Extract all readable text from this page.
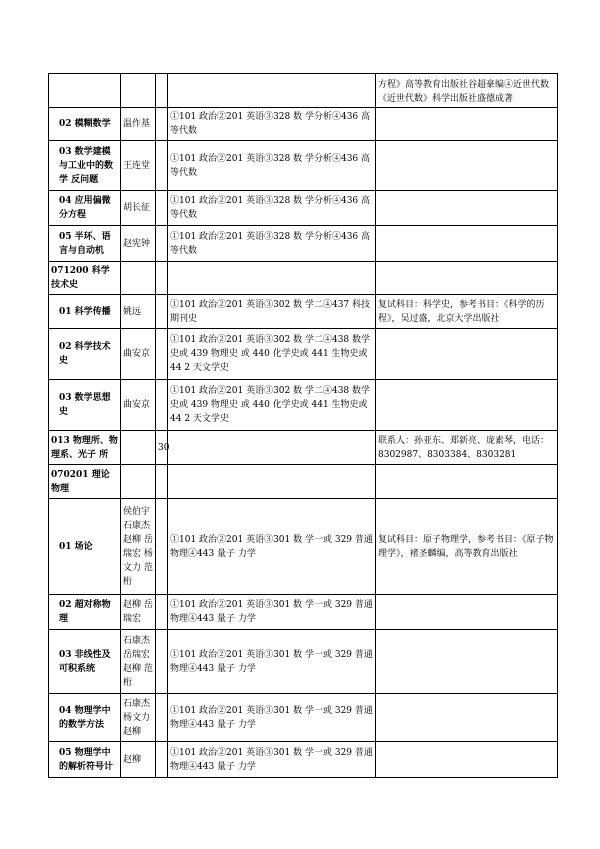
				方程》高等教育出版社谷超豪编④近世代数《近世代数》科学出版社盛德成著
02 模糊数学	温作基		①101 政治②201 英语③328 数 学分析④436 高等代数	
03 数学建模与工业中的数学 反问题	王连堂		①101 政治②201 英语③328 数 学分析④436 高等代数	
04 应用偏微分方程	胡长征		①101 政治②201 英语③328 数 学分析④436 高等代数	
05 半环、语言与自动机	赵宪钟		①101 政治②201 英语③328 数 学分析④436 高等代数	
071200 科学技术史				
01 科学传播	姚远		①101 政治②201 英语③302 数 学二④437 科技期刊史	复试科目：科学史，参考书目：《科学的历程》，吴过盛，北京大学出版社
02 科学技术史	曲安京		①101 政治②201 英语③302 数 学二④438 数学史或 439 物理史 或 440 化学史或 441 生物史或 44 2 天文学史	
03 数学思想史	曲安京		①101 政治②201 英语③302 数 学二④438 数学史或 439 物理史 或 440 化学史或 441 生物史或 44 2 天文学史	
013 物理所、物理系、光子 所		30		联系人：孙亚东、郑新亮、庞素琴，电话：8302987、8303384、8303281
070201 理论物理				
01 场论	侯伯宇 石康杰 赵柳 岳瑞宏 杨文力 范桁		①101 政治②201 英语③301 数 学一或 329 普通物理④443 量子 力学	复试科目：原子物理学，参考书目：《原子物理学》，褚圣麟编，高等教育出版社
02 超对称物理	赵柳 岳瑞宏		①101 政治②201 英语③301 数 学一或 329 普通物理④443 量子 力学	
03 非线性及可积系统	石康杰 岳瑞宏 赵柳 范桁		①101 政治②201 英语③301 数 学一或 329 普通物理④443 量子 力学	
04 物理学中的数学方法	石康杰 杨文力 赵柳		①101 政治②201 英语③301 数 学一或 329 普通物理④443 量子 力学	
05 物理学中的解析符号计	赵柳		①101 政治②201 英语③301 数 学一或 329 普通物理④443 量子 力学	
